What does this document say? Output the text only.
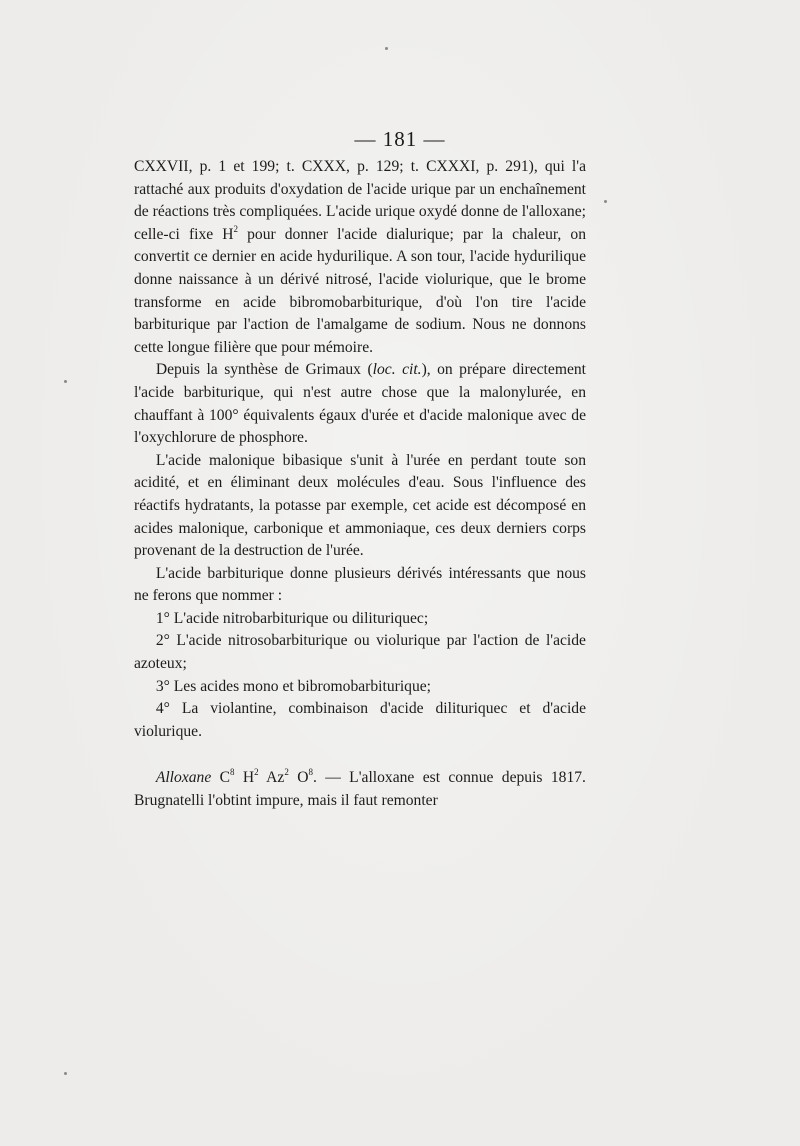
— 181 —

CXXVII, p. 1 et 199; t. CXXX, p. 129; t. CXXXI, p. 291), qui l'a rattaché aux produits d'oxydation de l'acide urique par un enchaînement de réactions très compliquées. L'acide urique oxydé donne de l'alloxane; celle-ci fixe $H^2$ pour donner l'acide dialurique; par la chaleur, on convertit ce dernier en acide hydurilique. A son tour, l'acide hydurilique donne naissance à un dérivé nitrosé, l'acide violurique, que le brome transforme en acide bibromobarbiturique, d'où l'on tire l'acide barbiturique par l'action de l'amalgame de sodium. Nous ne donnons cette longue filière que pour mémoire.

Depuis la synthèse de Grimaux (loc. cit.), on prépare directement l'acide barbiturique, qui n'est autre chose que la malonylurée, en chauffant à 100° équivalents égaux d'urée et d'acide malonique avec de l'oxychlorure de phosphore.

L'acide malonique bibasique s'unit à l'urée en perdant toute son acidité, et en éliminant deux molécules d'eau. Sous l'influence des réactifs hydratants, la potasse par exemple, cet acide est décomposé en acides malonique, carbonique et ammoniaque, ces deux derniers corps provenant de la destruction de l'urée.

L'acide barbiturique donne plusieurs dérivés intéressants que nous ne ferons que nommer :

1° L'acide nitrobarbiturique ou dilituriquec;

2° L'acide nitrosobarbiturique ou violurique par l'action de l'acide azoteux;

3° Les acides mono et bibromobarbiturique;

4° La violantine, combinaison d'acide dilituriquec et d'acide violurique.

Alloxane $C^8$ $H^2$ Az$^2$ $O^8$. — L'alloxane est connue depuis 1817. Brugnatelli l'obtint impure, mais il faut remonter
